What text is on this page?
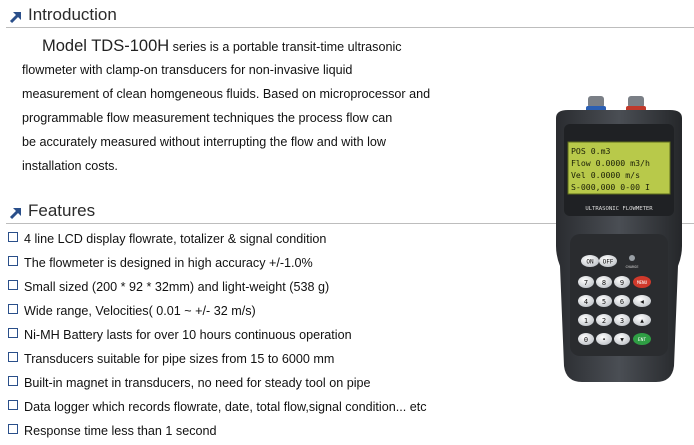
Introduction
Model TDS-100H series is a portable transit-time ultrasonic
flowmeter with clamp-on transducers for non-invasive liquid
measurement of clean homgeneous fluids. Based on microprocessor and
programmable flow measurement techniques the process flow can
be accurately measured without interrupting the flow and with low
installation costs.
Features
4 line LCD display flowrate, totalizer & signal condition
The flowmeter is designed in high accuracy +/-1.0%
Small sized (200 * 92 * 32mm) and light-weight (538 g)
Wide range, Velocities( 0.01 ~ +/- 32 m/s)
Ni-MH Battery lasts for over 10 hours continuous operation
Transducers suitable for pipe sizes from 15 to 6000 mm
Built-in magnet in transducers, no need for steady tool on pipe
Data logger which records flowrate, date, total flow,signal condition... etc
Response time less than 1 second
POS 0.m3
Flow 0.0000 m3/h
Vel 0.0000 m/s
S-000,000 0-00 I
ULTRASONIC FLOWMETER
ON OFF
CHARGE
7 8 9	MENU
4 5 6	◀
1 2 3	▲
0 • ▼	ENT
